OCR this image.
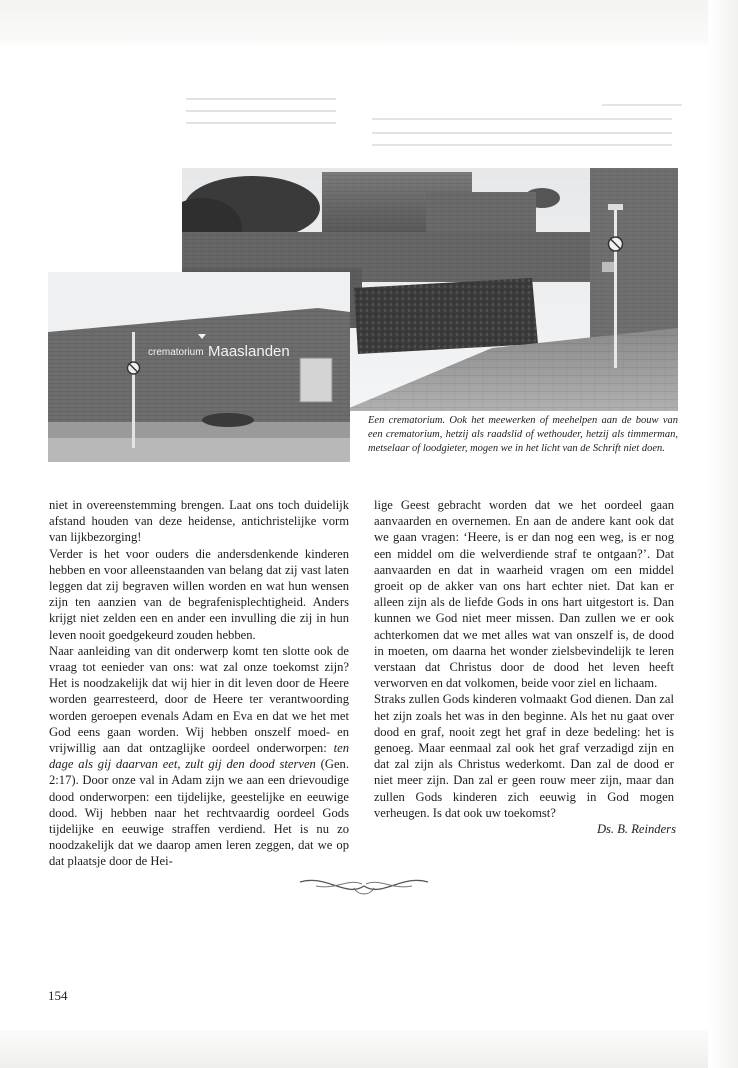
crematorium Maaslanden

Een crematorium. Ook het meewerken of meehelpen aan de bouw van een crematorium, hetzij als raadslid of wethouder, hetzij als timmerman, metselaar of loodgieter, mogen we in het licht van de Schrift niet doen.

niet in overeenstemming brengen. Laat ons toch duidelijk afstand houden van deze heidense, antichristelijke vorm van lijkbezorging!

Verder is het voor ouders die andersdenkende kinderen hebben en voor alleenstaanden van belang dat zij vast laten leggen dat zij begraven willen worden en wat hun wensen zijn ten aanzien van de begrafenisplechtigheid. Anders krijgt niet zelden een en ander een invulling die zij in hun leven nooit goedgekeurd zouden hebben.

Naar aanleiding van dit onderwerp komt ten slotte ook de vraag tot eenieder van ons: wat zal onze toekomst zijn? Het is noodzakelijk dat wij hier in dit leven door de Heere worden gearresteerd, door de Heere ter verantwoording worden geroepen evenals Adam en Eva en dat we het met God eens gaan worden. Wij hebben onszelf moed- en vrijwillig aan dat ontzaglijke oordeel onderworpen: ten dage als gij daarvan eet, zult gij den dood sterven (Gen. 2:17). Door onze val in Adam zijn we aan een drievoudige dood onderworpen: een tijdelijke, geestelijke en eeuwige dood. Wij hebben naar het rechtvaardig oordeel Gods tijdelijke en eeuwige straffen verdiend. Het is nu zo noodzakelijk dat we daarop amen leren zeggen, dat we op dat plaatsje door de Hei-

lige Geest gebracht worden dat we het oordeel gaan aanvaarden en overnemen. En aan de andere kant ook dat we gaan vragen: ‘Heere, is er dan nog een weg, is er nog een middel om die welverdiende straf te ontgaan?’. Dat aanvaarden en dat in waarheid vragen om een middel groeit op de akker van ons hart echter niet. Dat kan er alleen zijn als de liefde Gods in ons hart uitgestort is. Dan kunnen we God niet meer missen. Dan zullen we er ook achterkomen dat we met alles wat van onszelf is, de dood in moeten, om daarna het wonder zielsbevindelijk te leren verstaan dat Christus door de dood het leven heeft verworven en dat volkomen, beide voor ziel en lichaam.

Straks zullen Gods kinderen volmaakt God dienen. Dan zal het zijn zoals het was in den beginne. Als het nu gaat over dood en graf, nooit zegt het graf in deze bedeling: het is genoeg. Maar eenmaal zal ook het graf verzadigd zijn en dat zal zijn als Christus wederkomt. Dan zal de dood er niet meer zijn. Dan zal er geen rouw meer zijn, maar dan zullen Gods kinderen zich eeuwig in God mogen verheugen. Is dat ook uw toekomst?

Ds. B. Reinders
154
